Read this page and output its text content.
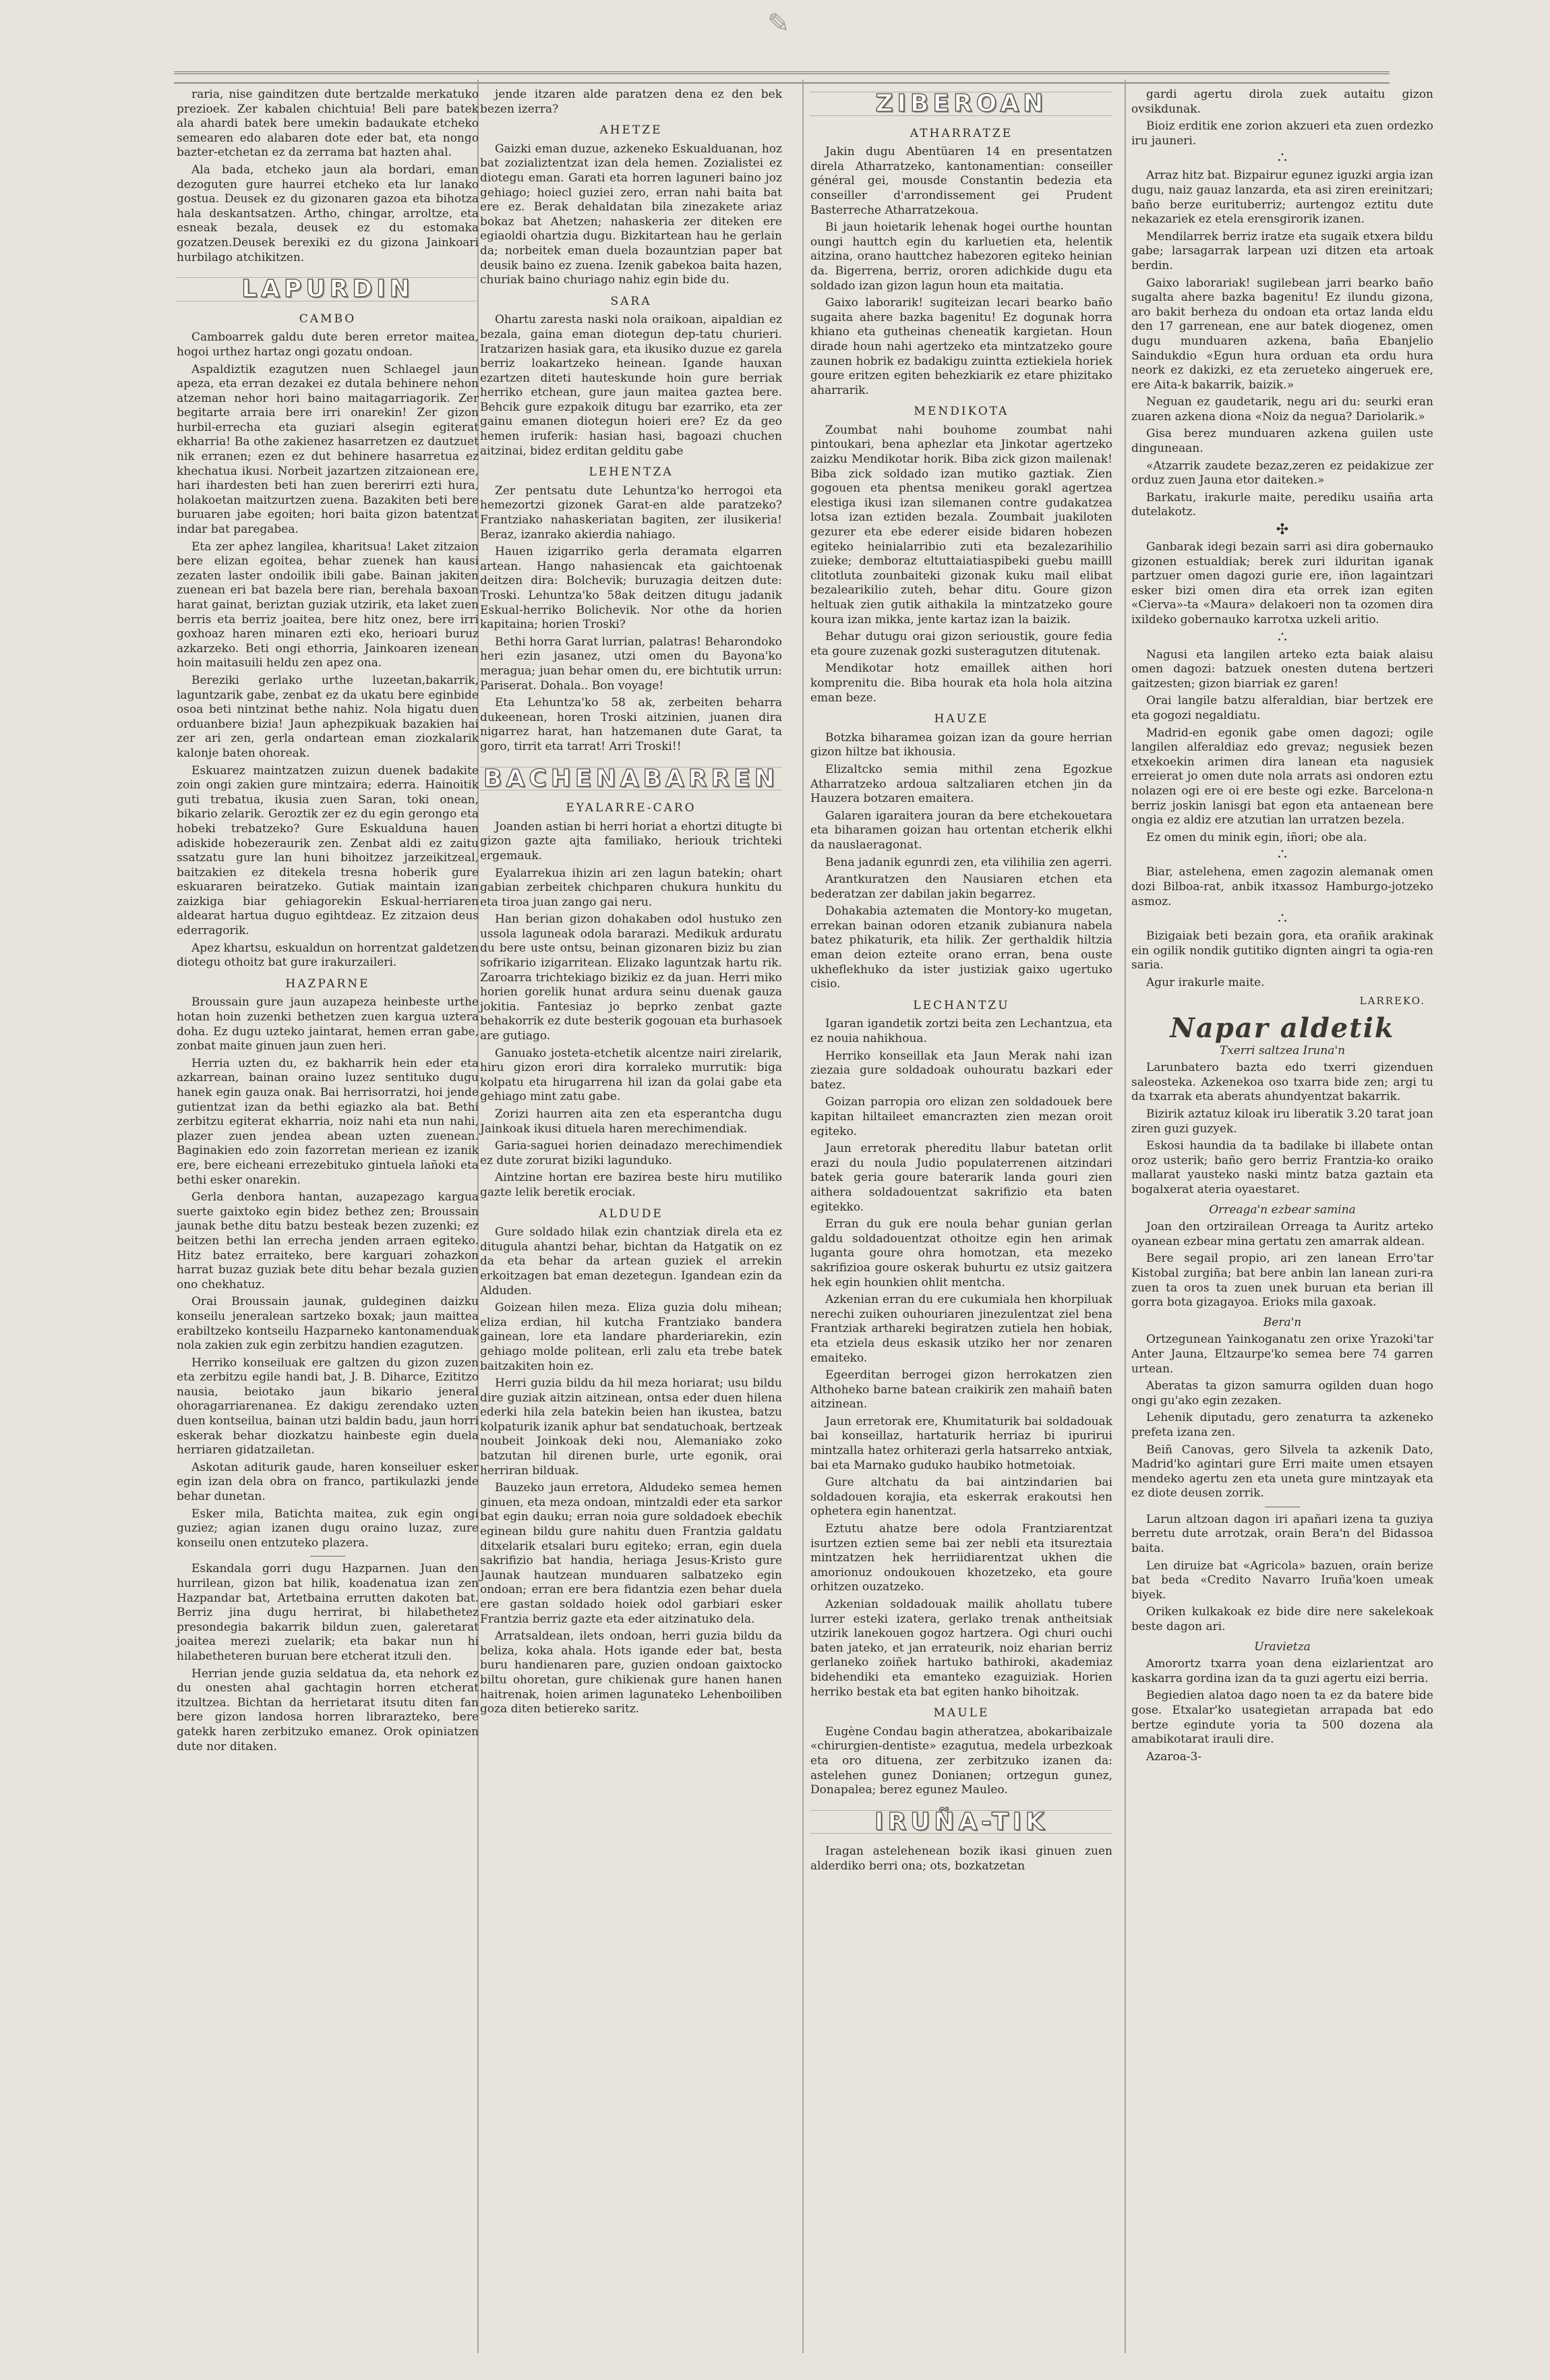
✎

raria, nise gainditzen dute bertzalde merkatuko prezioek. Zer kabalen chichtuia! Beli pare batek ala ahardi batek bere umekin badaukate etcheko semearen edo alabaren dote eder bat, eta nongo bazter-etchetan ez da zerrama bat hazten ahal.

Ala bada, etcheko jaun ala bordari, eman dezoguten gure haurrei etcheko eta lur lanako gostua. Deusek ez du gizonaren gazoa eta bihotza hala deskantsatzen. Artho, chingar, arroltze, eta esneak bezala, deusek ez du estomaka gozatzen.Deusek berexiki ez du gizona Jainkoari hurbilago atchikitzen.

LAPURDIN
CAMBO

Camboarrek galdu dute beren erretor maitea, hogoi urthez hartaz ongi gozatu ondoan.

Aspaldiztik ezagutzen nuen Schlaegel jaun apeza, eta erran dezakei ez dutala behinere nehon atzeman nehor hori baino maitagarriagorik. Zer begitarte arraia bere irri onarekin! Zer gizon hurbil-errecha eta guziari alsegin egiterat ekharria! Ba othe zakienez hasarretzen ez dautzuet nik erranen; ezen ez dut behinere hasarretua ez khechatua ikusi. Norbeit jazartzen zitzaionean ere, hari ihardesten beti han zuen bererirri ezti hura, holakoetan maitzurtzen zuena. Bazakiten beti bere buruaren jabe egoiten; hori baita gizon batentzat indar bat paregabea.

Eta zer aphez langilea, kharitsua! Laket zitzaion bere elizan egoitea, behar zuenek han kausi zezaten laster ondoilik ibili gabe. Bainan jakiten zuenean eri bat bazela bere rian, berehala baxoan harat gainat, beriztan guziak utzirik, eta laket zuen berris eta berriz joaitea, bere hitz onez, bere irri goxhoaz haren minaren ezti eko, herioari buruz azkarzeko. Beti ongi ethorria, Jainkoaren izenean hoin maitasuili heldu zen apez ona.

Bereziki gerlako urthe luzeetan,bakarrik, laguntzarik gabe, zenbat ez da ukatu bere eginbide osoa beti nintzinat bethe nahiz. Nola higatu duen orduanbere bizia! Jaun aphezpikuak bazakien hai zer ari zen, gerla ondartean eman ziozkalarik kalonje baten ohoreak.

Eskuarez maintzatzen zuizun duenek badakite zoin ongi zakien gure mintzaira; ederra. Hainoitik guti trebatua, ikusia zuen Saran, toki onean, bikario zelarik. Geroztik zer ez du egin gerongo eta hobeki trebatzeko? Gure Eskualduna hauen adiskide hobezeraurik zen. Zenbat aldi ez zaitu ssatzatu gure lan huni bihoitzez jarzeikitzeal, baitzakien ez ditekela tresna hoberik gure eskuararen beiratzeko. Gutiak maintain izan zaizkiga biar gehiagorekin Eskual-herriaren aldearat hartua duguo egihtdeaz. Ez zitzaion deus ederragorik.

Apez khartsu, eskualdun on horrentzat galdetzen diotegu othoitz bat gure irakurzaileri.

HAZPARNE

Broussain gure jaun auzapeza heinbeste urthe hotan hoin zuzenki bethetzen zuen kargua uztera doha. Ez dugu uzteko jaintarat, hemen erran gabe, zonbat maite ginuen jaun zuen heri.

Herria uzten du, ez bakharrik hein eder eta azkarrean, bainan oraino luzez sentituko dugu hanek egin gauza onak. Bai herrisorratzi, hoi jende gutientzat izan da bethi egiazko ala bat. Bethi zerbitzu egiterat ekharria, noiz nahi eta nun nahi, plazer zuen jendea abean uzten zuenean. Baginakien edo zoin fazorretan meriean ez izanik ere, bere eicheani errezebituko gintuela lañoki eta bethi esker onarekin.

Gerla denbora hantan, auzapezago kargua suerte gaixtoko egin bidez bethez zen; Broussain jaunak bethe ditu batzu besteak bezen zuzenki; ez beitzen bethi lan errecha jenden arraen egiteko. Hitz batez erraiteko, bere karguari zohazkon harrat buzaz guziak bete ditu behar bezala guzien ono chekhatuz.

Orai Broussain jaunak, guldeginen daizku konseilu jeneralean sartzeko boxak; jaun maittea erabiltzeko kontseilu Hazparneko kantonamenduak nola zakien zuk egin zerbitzu handien ezagutzen.

Herriko konseiluak ere galtzen du gizon zuzen eta zerbitzu egile handi bat, J. B. Diharce, Ezititzo nausia, beiotako jaun bikario jeneral ohoragarriarenanea. Ez dakigu zerendako uzten duen kontseilua, bainan utzi baldin badu, jaun horri eskerak behar diozkatzu hainbeste egin duela herriaren gidatzailetan.

Askotan aditurik gaude, haren konseiluer esker egin izan dela obra on franco, partikulazki jende behar dunetan.

Esker mila, Batichta maitea, zuk egin ongi guziez; agian izanen dugu oraino luzaz, zure konseilu onen entzuteko plazera.

Eskandala gorri dugu Hazparnen. Juan den hurrilean, gizon bat hilik, koadenatua izan zen Hazpandar bat, Artetbaina errutten dakoten bat. Berriz jina dugu herrirat, bi hilabethetez presondegia bakarrik bildun zuen, galeretarat joaitea merezi zuelarik; eta bakar nun hi hilabetheteren buruan bere etcherat itzuli den.

Herrian jende guzia seldatua da, eta nehork ez du onesten ahal gachtagin horren etcherat itzultzea. Bichtan da herrietarat itsutu diten fan bere gizon landosa horren librarazteko, bere gatekk haren zerbitzuko emanez. Orok opiniatzen dute nor ditaken.

jende itzaren alde paratzen dena ez den bek bezen izerra?

AHETZE

Gaizki eman duzue, azkeneko Eskualduanan, hoz bat zozializtentzat izan dela hemen. Zozialistei ez diotegu eman. Garati eta horren laguneri baino joz gehiago; hoiecl guziei zero, erran nahi baita bat ere ez. Berak dehaldatan bila zinezakete ariaz bokaz bat Ahetzen; nahaskeria zer diteken ere egiaoldi ohartzia dugu. Bizkitartean hau he gerlain da; norbeitek eman duela bozauntzian paper bat deusik baino ez zuena. Izenik gabekoa baita hazen, churiak baino churiago nahiz egin bide du.

SARA

Ohartu zaresta naski nola oraikoan, aipaldian ez bezala, gaina eman diotegun dep-tatu churieri. Iratzarizen hasiak gara, eta ikusiko duzue ez garela berriz loakartzeko heinean. Igande hauxan ezartzen diteti hauteskunde hoin gure berriak herriko etchean, gure jaun maitea gaztea bere. Behcik gure ezpakoik ditugu bar ezarriko, eta zer gainu emanen diotegun hoieri ere? Ez da geo hemen iruferik: hasian hasi, bagoazi chuchen aitzinai, bidez erditan gelditu gabe

LEHENTZA

Zer pentsatu dute Lehuntza'ko herrogoi eta hemezortzi gizonek Garat-en alde paratzeko? Frantziako nahaskeriatan bagiten, zer ilusikeria! Beraz, izanrako akierdia nahiago.

Hauen izigarriko gerla deramata elgarren artean. Hango nahasiencak eta gaichtoenak deitzen dira: Bolchevik; buruzagia deitzen dute: Troski. Lehuntza'ko 58ak deitzen ditugu jadanik Eskual-herriko Bolichevik. Nor othe da horien kapitaina; horien Troski?

Bethi horra Garat lurrian, palatras! Beharondoko heri ezin jasanez, utzi omen du Bayona'ko meragua; juan behar omen du, ere bichtutik urrun: Pariserat. Dohala.. Bon voyage!

Eta Lehuntza'ko 58 ak, zerbeiten beharra dukeenean, horen Troski aitzinien, juanen dira nigarrez harat, han hatzemanen dute Garat, ta goro, tirrit eta tarrat! Arri Troski!!

BACHENABARREN
EYALARRE-CARO

Joanden astian bi herri horiat a ehortzi ditugte bi gizon gazte ajta familiako, heriouk trichteki ergemauk.

Eyalarrekua ihizin ari zen lagun batekin; ohart gabian zerbeitek chichparen chukura hunkitu du eta tiroa juan zango gai neru.

Han berian gizon dohakaben odol hustuko zen ussola laguneak odola bararazi. Medikuk arduratu du bere uste ontsu, beinan gizonaren biziz bu zian sofrikario izigarritean. Elizako laguntzak hartu rik. Zaroarra trichtekiago bizikiz ez da juan. Herri miko horien gorelik hunat ardura seinu duenak gauza jokitia. Fantesiaz jo beprko zenbat gazte behakorrik ez dute besterik gogouan eta burhasoek are gutiago.

Ganuako josteta-etchetik alcentze nairi zirelarik, hiru gizon erori dira korraleko murrutik: biga kolpatu eta hirugarrena hil izan da golai gabe eta gehiago mint zatu gabe.

Zorizi haurren aita zen eta esperantcha dugu Jainkoak ikusi dituela haren merechimendiak.

Garia-saguei horien deinadazo merechimendiek ez dute zorurat biziki lagunduko.

Aintzine hortan ere bazirea beste hiru mutiliko gazte lelik beretik erociak.

ALDUDE

Gure soldado hilak ezin chantziak direla eta ez ditugula ahantzi behar, bichtan da Hatgatik on ez da eta behar da artean guziek el arrekin erkoitzagen bat eman dezetegun. Igandean ezin da Alduden.

Goizean hilen meza. Eliza guzia dolu mihean; eliza erdian, hil kutcha Frantziako bandera gainean, lore eta landare pharderiarekin, ezin gehiago molde politean, erli zalu eta trebe batek baitzakiten hoin ez.

Herri guzia bildu da hil meza horiarat; usu bildu dire guziak aitzin aitzinean, ontsa eder duen hilena ederki hila zela batekin beien han ikustea, batzu kolpaturik izanik aphur bat sendatuchoak, bertzeak noubeit Joinkoak deki nou, Alemaniako zoko batzutan hil direnen burle, urte egonik, orai herriran bilduak.

Bauzeko jaun erretora, Aldudeko semea hemen ginuen, eta meza ondoan, mintzaldi eder eta sarkor bat egin dauku; erran noia gure soldadoek ebechik eginean bildu gure nahitu duen Frantzia galdatu ditxelarik etsalari buru egiteko; erran, egin duela sakrifizio bat handia, heriaga Jesus-Kristo gure Jaunak hautzean munduaren salbatzeko egin ondoan; erran ere bera fidantzia ezen behar duela ere gastan soldado hoiek odol garbiari esker Frantzia berriz gazte eta eder aitzinatuko dela.

Arratsaldean, ilets ondoan, herri guzia bildu da beliza, koka ahala. Hots igande eder bat, besta buru handienaren pare, guzien ondoan gaixtocko biltu ohoretan, gure chikienak gure hanen hanen haitrenak, hoien arimen lagunateko Lehenboiliben goza diten betiereko saritz.

ZIBEROAN
ATHARRATZE

Jakin dugu Abentüaren 14 en presentatzen direla Atharratzeko, kantonamentian: conseiller général gei, mousde Constantin bedezia eta conseiller d'arrondissement gei Prudent Basterreche Atharratzekoua.

Bi jaun hoietarik lehenak hogei ourthe hountan oungi hauttch egin du karluetien eta, helentik aitzina, orano hauttchez habezoren egiteko heinian da. Bigerrena, berriz, ororen adichkide dugu eta soldado izan gizon lagun houn eta maitatia.

Gaixo laborarik! sugiteizan lecari bearko baño sugaita ahere bazka bagenitu! Ez dogunak horra khiano eta gutheinas cheneatik kargietan. Houn dirade houn nahi agertzeko eta mintzatzeko goure zaunen hobrik ez badakigu zuintta eztiekiela horiek goure eritzen egiten behezkiarik ez etare phizitako aharrarik.

MENDIKOTA

Zoumbat nahi bouhome zoumbat nahi pintoukari, bena aphezlar eta Jinkotar agertzeko zaizku Mendikotar horik. Biba zick gizon mailenak! Biba zick soldado izan mutiko gaztiak. Zien gogouen eta phentsa menikeu gorakl agertzea elestiga ikusi izan silemanen contre gudakatzea lotsa izan eztiden bezala. Zoumbait juakiloten gezurer eta ebe ederer eiside bidaren hobezen egiteko heinialarribio zuti eta bezalezarihilio zuieke; demboraz eltuttaiatiaspibeki guebu mailll clitotluta zounbaiteki gizonak kuku mail elibat bezalearikilio zuteh, behar ditu. Goure gizon heltuak zien gutik aithakila la mintzatzeko goure koura izan mikka, jente kartaz izan la baizik.

Behar dutugu orai gizon serioustik, goure fedia eta goure zuzenak gozki susteragutzen ditutenak.

Mendikotar hotz emaillek aithen hori komprenitu die. Biba hourak eta hola hola aitzina eman beze.

HAUZE

Botzka biharamea goizan izan da goure herrian gizon hiltze bat ikhousia.

Elizaltcko semia mithil zena Egozkue Atharratzeko ardoua saltzaliaren etchen jin da Hauzera botzaren emaitera.

Galaren igaraitera jouran da bere etchekouetara eta biharamen goizan hau ortentan etcherik elkhi da nauslaeragonat.

Bena jadanik egunrdi zen, eta vilihilia zen agerri.

Arantkuratzen den Nausiaren etchen eta bederatzan zer dabilan jakin begarrez.

Dohakabia aztematen die Montory-ko mugetan, errekan bainan odoren etzanik zubianura nabela batez phikaturik, eta hilik. Zer gerthaldik hiltzia eman deion ezteite orano erran, bena ouste ukheflekhuko da ister justiziak gaixo ugertuko cisio.

LECHANTZU

Igaran igandetik zortzi beita zen Lechantzua, eta ez nouia nahikhoua.

Herriko konseillak eta Jaun Merak nahi izan ziezaia gure soldadoak ouhouratu bazkari eder batez.

Goizan parropia oro elizan zen soldadouek bere kapitan hiltaileet emancrazten zien mezan oroit egiteko.

Jaun erretorak phereditu llabur batetan orlit erazi du noula Judio populaterrenen aitzindari batek geria goure baterarik landa gouri zien aithera soldadouentzat sakrifizio eta baten egitekko.

Erran du guk ere noula behar gunian gerlan galdu soldadouentzat othoitze egin hen arimak luganta goure ohra homotzan, eta mezeko sakrifizioa goure oskerak buhurtu ez utsiz gaitzera hek egin hounkien ohlit mentcha.

Azkenian erran du ere cukumiala hen khorpiluak nerechi zuiken ouhouriaren jinezulentzat ziel bena Frantziak arthareki begiratzen zutiela hen hobiak, eta etziela deus eskasik utziko her nor zenaren emaiteko.

Egeerditan berrogei gizon herrokatzen zien Althoheko barne batean craikirik zen mahaiñ baten aitzinean.

Jaun erretorak ere, Khumitaturik bai soldadouak bai konseillaz, hartaturik herriaz bi ipurirui mintzalla hatez orhiterazi gerla hatsarreko antxiak, bai eta Marnako guduko haubiko hotmetoiak.

Gure altchatu da bai aintzindarien bai soldadouen korajia, eta eskerrak erakoutsi hen ophetera egin hanentzat.

Eztutu ahatze bere odola Frantziarentzat isurtzen eztien seme bai zer nebli eta itsureztaia mintzatzen hek herriidiarentzat ukhen die amorionuz ondoukouen khozetzeko, eta goure orhitzen ouzatzeko.

Azkenian soldadouak mailik ahollatu tubere lurrer esteki izatera, gerlako trenak antheitsiak utzirik lanekouen gogoz hartzera. Ogi churi ouchi baten jateko, et jan errateurik, noiz eharian berriz gerlaneko zoiñek hartuko bathiroki, akademiaz bidehendiki eta emanteko ezaguiziak. Horien herriko bestak eta bat egiten hanko bihoitzak.

MAULE

Eugène Condau bagin atheratzea, abokaribaizale «chirurgien-dentiste» ezagutua, medela urbezkoak eta oro dituena, zer zerbitzuko izanen da: astelehen gunez Donianen; ortzegun gunez, Donapalea; berez egunez Mauleo.

IRUÑA-TIK

Iragan astelehenean bozik ikasi ginuen zuen alderdiko berri ona; ots, bozkatzetan

gardi agertu dirola zuek autaitu gizon ovsikdunak.

Bioiz erditik ene zorion akzueri eta zuen ordezko iru jauneri.

∴

Arraz hitz bat. Bizpairur egunez iguzki argia izan dugu, naiz gauaz lanzarda, eta asi ziren ereinitzari; baño berze eurituberriz; aurtengoz eztitu dute nekazariek ez etela erensgirorik izanen.

Mendilarrek berriz iratze eta sugaik etxera bildu gabe; larsagarrak larpean uzi ditzen eta artoak berdin.

Gaixo laborariak! sugilebean jarri bearko baño sugalta ahere bazka bagenitu! Ez ilundu gizona, aro bakit berheza du ondoan eta ortaz landa eldu den 17 garrenean, ene aur batek diogenez, omen dugu munduaren azkena, baña Ebanjelio Saindukdio «Egun hura orduan eta ordu hura neork ez dakizki, ez eta zerueteko aingeruek ere, ere Aita-k bakarrik, baizik.»

Neguan ez gaudetarik, negu ari du: seurki eran zuaren azkena diona «Noiz da negua? Dariolarik.»

Gisa berez munduaren azkena guilen uste dinguneaan.

«Atzarrik zaudete bezaz,zeren ez peidakizue zer orduz zuen Jauna etor daiteken.»

Barkatu, irakurle maite, perediku usaiña arta dutelakotz.

✣

Ganbarak idegi bezain sarri asi dira gobernauko gizonen estualdiak; berek zuri ilduritan iganak partzuer omen dagozi gurie ere, iñon lagaintzari esker bizi omen dira eta orrek izan egiten «Cierva»-ta «Maura» delakoeri non ta ozomen dira ixildeko gobernauko karrotxa uzkeli aritio.

∴

Nagusi eta langilen arteko ezta baiak alaisu omen dagozi: batzuek onesten dutena bertzeri gaitzesten; gizon biarriak ez garen!

Orai langile batzu alferaldian, biar bertzek ere eta gogozi negaldiatu.

Madrid-en egonik gabe omen dagozi; ogile langilen alferaldiaz edo grevaz; negusiek bezen etxekoekin arimen dira lanean eta nagusiek erreierat jo omen dute nola arrats asi ondoren eztu nolazen ogi ere oi ere beste ogi ezke. Barcelona-n berriz joskin lanisgi bat egon eta antaenean bere ongia ez aldiz ere atzutian lan urratzen bezela.

Ez omen du minik egin, iñori; obe ala.

∴

Biar, astelehena, emen zagozin alemanak omen dozi Bilboa-rat, anbik itxassoz Hamburgo-jotzeko asmoz.

∴

Bizigaiak beti bezain gora, eta orañik arakinak ein ogilik nondik gutitiko dignten aingri ta ogia-ren saria.

Agur irakurle maite.

LARREKO.
Napar aldetik
Txerri saltzea Iruna'n

Larunbatero bazta edo txerri gizenduen saleosteka. Azkenekoa oso txarra bide zen; argi tu da txarrak eta aberats ahundyentzat bakarrik.

Bizirik aztatuz kiloak iru liberatik 3.20 tarat joan ziren guzi guzyek.

Eskosi haundia da ta badilake bi illabete ontan oroz usterik; baño gero berriz Frantzia-ko oraiko mallarat yausteko naski mintz batza gaztain eta bogalxerat ateria oyaestaret.

Orreaga'n ezbear samina

Joan den ortzirailean Orreaga ta Auritz arteko oyanean ezbear mina gertatu zen amarrak aldean.

Bere segail propio, ari zen lanean Erro'tar Kistobal zurgiña; bat bere anbin lan lanean zuri-ra zuen ta oros ta zuen unek buruan eta berian ill gorra bota gizagayoa. Erioks mila gaxoak.

Bera'n

Ortzegunean Yainkoganatu zen orixe Yrazoki'tar Anter Jauna, Eltzaurpe'ko semea bere 74 garren urtean.

Aberatas ta gizon samurra ogilden duan hogo ongi gu'ako egin zezaken.

Lehenik diputadu, gero zenaturra ta azkeneko prefeta izana zen.

Beiñ Canovas, gero Silvela ta azkenik Dato, Madrid'ko agintari gure Erri maite umen etsayen mendeko agertu zen eta uneta gure mintzayak eta ez diote deusen zorrik.

Larun altzoan dagon iri apañari izena ta guziya berretu dute arrotzak, orain Bera'n del Bidassoa baita.

Len diruize bat «Agricola» bazuen, orain berize bat beda «Credito Navarro Iruña'koen umeak biyek.

Oriken kulkakoak ez bide dire nere sakelekoak beste dagon ari.

Uravietza

Amorortz txarra yoan dena eizlarientzat aro kaskarra gordina izan da ta guzi agertu eizi berria.

Begiedien alatoa dago noen ta ez da batere bide gose. Etxalar'ko usategietan arrapada bat edo bertze egindute yoria ta 500 dozena ala amabikotarat irauli dire.

Azaroa-3-
